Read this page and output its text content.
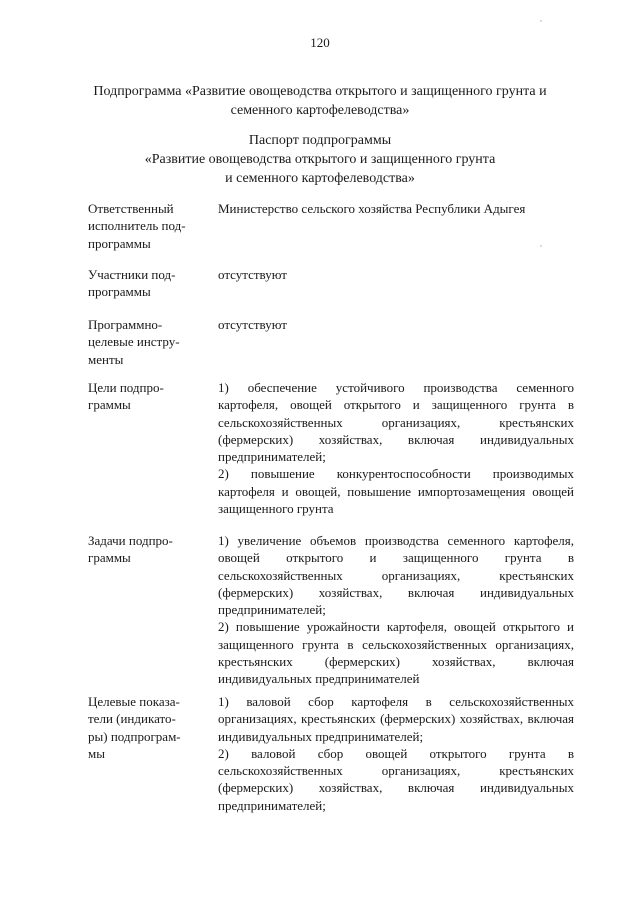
120
Подпрограмма «Развитие овощеводства открытого и защищенного грунта и
семенного картофелеводства»
Паспорт подпрограммы
«Развитие овощеводства открытого и защищенного грунта
и семенного картофелеводства»
Ответственный
исполнитель под-
программы

Министерство сельского хозяйства Республики Адыгея

Участники под-
программы

отсутствуют

Программно-
целевые инстру-
менты

отсутствуют

Цели подпро-
граммы

1) обеспечение устойчивого производства семенного картофеля, овощей открытого и защищенного грунта в сельскохозяйственных организациях, крестьянских (фермерских) хозяйствах, включая индивидуальных предпринимателей;

2) повышение конкурентоспособности производимых картофеля и овощей, повышение импортозамещения овощей защищенного грунта

Задачи подпро-
граммы

1) увеличение объемов производства семенного картофеля, овощей открытого и защищенного грунта в сельскохозяйственных организациях, крестьянских (фермерских) хозяйствах, включая индивидуальных предпринимателей;

2) повышение урожайности картофеля, овощей открытого и защищенного грунта в сельскохозяйственных организациях, крестьянских (фермерских) хозяйствах, включая индивидуальных предпринимателей

Целевые показа-
тели (индикато-
ры) подпрограм-
мы

1) валовой сбор картофеля в сельскохозяйственных организациях, крестьянских (фермерских) хозяйствах, включая индивидуальных предпринимателей;

2) валовой сбор овощей открытого грунта в сельскохозяйственных организациях, крестьянских (фермерских) хозяйствах, включая индивидуальных предпринимателей;
